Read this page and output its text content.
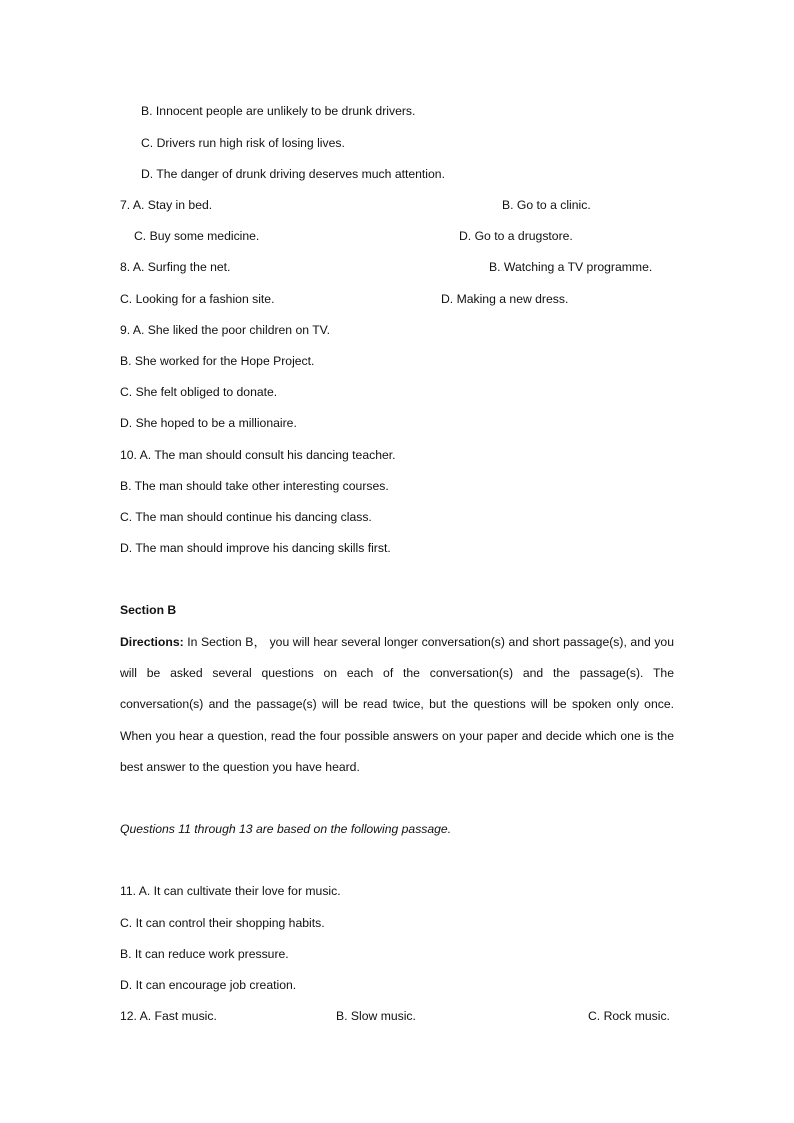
B. Innocent people are unlikely to be drunk drivers.
C. Drivers run high risk of losing lives.
D. The danger of drunk driving deserves much attention.
7. A. Stay in bed.	B. Go to a clinic.
C. Buy some medicine.	D. Go to a drugstore.
8. A. Surfing the net.	B. Watching a TV programme.
C. Looking for a fashion site.	D. Making a new dress.
9. A. She liked the poor children on TV.
B. She worked for the Hope Project.
C. She felt obliged to donate.
D. She hoped to be a millionaire.
10. A. The man should consult his dancing teacher.
B. The man should take other interesting courses.
C. The man should continue his dancing class.
D. The man should improve his dancing skills first.
Section B
Directions: In Section B， you will hear several longer conversation(s) and short passage(s), and you will be asked several questions on each of the conversation(s) and the passage(s). The conversation(s) and the passage(s) will be read twice, but the questions will be spoken only once. When you hear a question, read the four possible answers on your paper and decide which one is the best answer to the question you have heard.
Questions 11 through 13 are based on the following passage.
11. A. It can cultivate their love for music.
C. It can control their shopping habits.
B. It can reduce work pressure.
D. It can encourage job creation.
12. A. Fast music.	B. Slow music.	C. Rock music.
